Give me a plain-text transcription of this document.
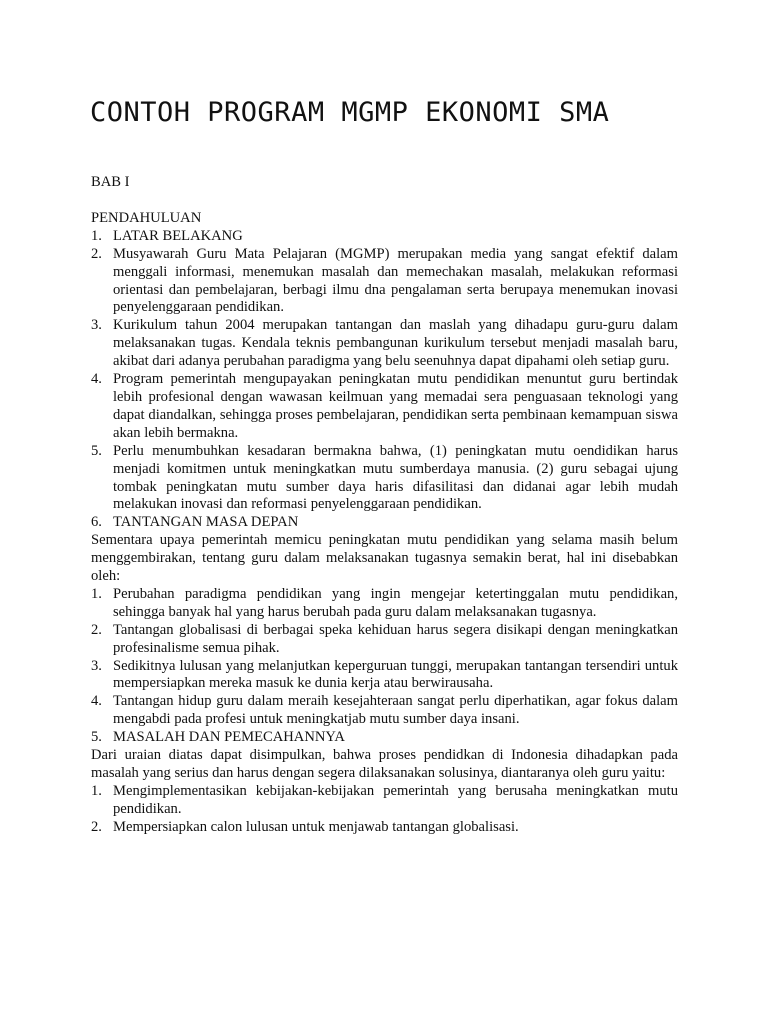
CONTOH PROGRAM MGMP EKONOMI SMA

BAB I

PENDAHULUAN

1. LATAR BELAKANG
2. Musyawarah Guru Mata Pelajaran (MGMP) merupakan media yang sangat efektif dalam menggali informasi, menemukan masalah dan memechakan masalah, melakukan reformasi orientasi dan pembelajaran, berbagi ilmu dna pengalaman serta berupaya menemukan inovasi penyelenggaraan pendidikan.
3. Kurikulum tahun 2004 merupakan tantangan dan maslah yang dihadapu guru-guru dalam melaksanakan tugas. Kendala teknis pembangunan kurikulum tersebut menjadi masalah baru, akibat dari adanya perubahan paradigma yang belu seenuhnya dapat dipahami oleh setiap guru.
4. Program pemerintah mengupayakan peningkatan mutu pendidikan menuntut guru bertindak lebih profesional dengan wawasan keilmuan yang memadai sera penguasaan teknologi yang dapat diandalkan, sehingga proses pembelajaran, pendidikan serta pembinaan kemampuan siswa akan lebih bermakna.
5. Perlu menumbuhkan kesadaran bermakna bahwa, (1) peningkatan mutu oendidikan harus menjadi komitmen untuk meningkatkan mutu sumberdaya manusia. (2) guru sebagai ujung tombak peningkatan mutu sumber daya haris difasilitasi dan didanai agar lebih mudah melakukan inovasi dan reformasi penyelenggaraan pendidikan.
6. TANTANGAN MASA DEPAN

Sementara upaya pemerintah memicu peningkatan mutu pendidikan yang selama masih belum menggembirakan, tentang guru dalam melaksanakan tugasnya semakin berat, hal ini disebabkan oleh:

1. Perubahan paradigma pendidikan yang ingin mengejar ketertinggalan mutu pendidikan, sehingga banyak hal yang harus berubah pada guru dalam melaksanakan tugasnya.
2. Tantangan globalisasi di berbagai speka kehiduan harus segera disikapi dengan meningkatkan profesinalisme semua pihak.
3. Sedikitnya lulusan yang melanjutkan keperguruan tunggi, merupakan tantangan tersendiri untuk mempersiapkan mereka masuk ke dunia kerja atau berwirausaha.
4. Tantangan hidup guru dalam meraih kesejahteraan sangat perlu diperhatikan, agar fokus dalam mengabdi pada profesi untuk meningkatjab mutu sumber daya insani.
5. MASALAH DAN PEMECAHANNYA

Dari uraian diatas dapat disimpulkan, bahwa proses pendidkan di Indonesia dihadapkan pada masalah yang serius dan harus dengan segera dilaksanakan solusinya, diantaranya oleh guru yaitu:

1. Mengimplementasikan kebijakan-kebijakan pemerintah yang berusaha meningkatkan mutu pendidikan.
2. Mempersiapkan calon lulusan untuk menjawab tantangan globalisasi.
